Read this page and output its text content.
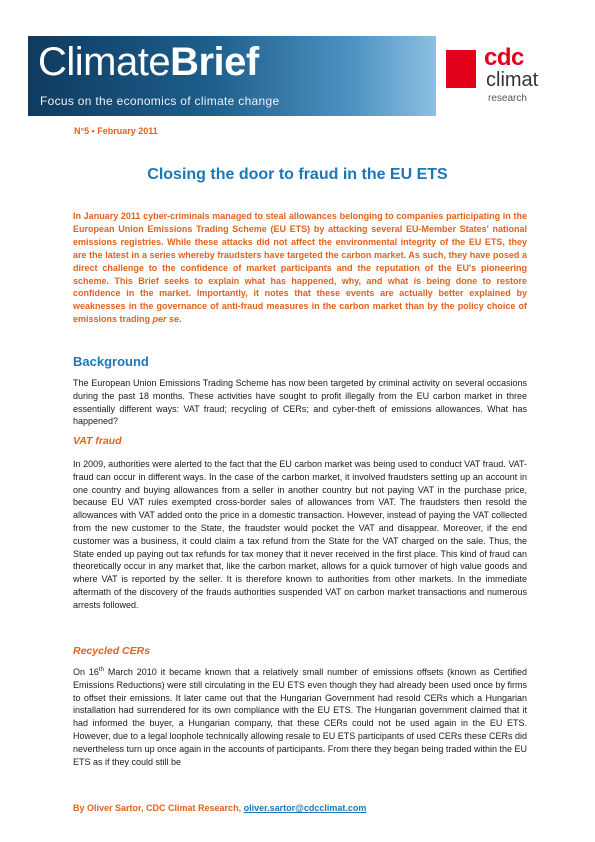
ClimateBrief
Focus on the economics of climate change
cdc
climat
research
N°5 • February 2011
Closing the door to fraud in the EU ETS

In January 2011 cyber-criminals managed to steal allowances belonging to companies participating in the European Union Emissions Trading Scheme (EU ETS) by attacking several EU-Member States' national emissions registries. While these attacks did not affect the environmental integrity of the EU ETS, they are the latest in a series whereby fraudsters have targeted the carbon market. As such, they have posed a direct challenge to the confidence of market participants and the reputation of the EU's pioneering scheme. This Brief seeks to explain what has happened, why, and what is being done to restore confidence in the market. Importantly, it notes that these events are actually better explained by weaknesses in the governance of anti-fraud measures in the carbon market than by the policy choice of emissions trading per se.

Background

The European Union Emissions Trading Scheme has now been targeted by criminal activity on several occasions during the past 18 months. These activities have sought to profit illegally from the EU carbon market in three essentially different ways: VAT fraud; recycling of CERs; and cyber-theft of emissions allowances. What has happened?

VAT fraud

In 2009, authorities were alerted to the fact that the EU carbon market was being used to conduct VAT fraud. VAT-fraud can occur in different ways. In the case of the carbon market, it involved fraudsters setting up an account in one country and buying allowances from a seller in another country but not paying VAT in the purchase price, because EU VAT rules exempted cross-border sales of allowances from VAT. The fraudsters then resold the allowances with VAT added onto the price in a domestic transaction. However, instead of paying the VAT collected from the new customer to the State, the fraudster would pocket the VAT and disappear. Moreover, if the end customer was a business, it could claim a tax refund from the State for the VAT charged on the sale. Thus, the State ended up paying out tax refunds for tax money that it never received in the first place. This kind of fraud can theoretically occur in any market that, like the carbon market, allows for a quick turnover of high value goods and where VAT is reported by the seller. It is therefore known to authorities from other markets. In the immediate aftermath of the discovery of the frauds authorities suspended VAT on carbon market transactions and numerous arrests followed.

Recycled CERs

On 16th March 2010 it became known that a relatively small number of emissions offsets (known as Certified Emissions Reductions) were still circulating in the EU ETS even though they had already been used once by firms to offset their emissions. It later came out that the Hungarian Government had resold CERs which a Hungarian installation had surrendered for its own compliance with the EU ETS. The Hungarian government claimed that it had informed the buyer, a Hungarian company, that these CERs could not be used again in the EU ETS. However, due to a legal loophole technically allowing resale to EU ETS participants of used CERs these CERs did nevertheless turn up once again in the accounts of participants. From there they began being traded within the EU ETS as if they could still be

By Oliver Sartor, CDC Climat Research, oliver.sartor@cdcclimat.com
